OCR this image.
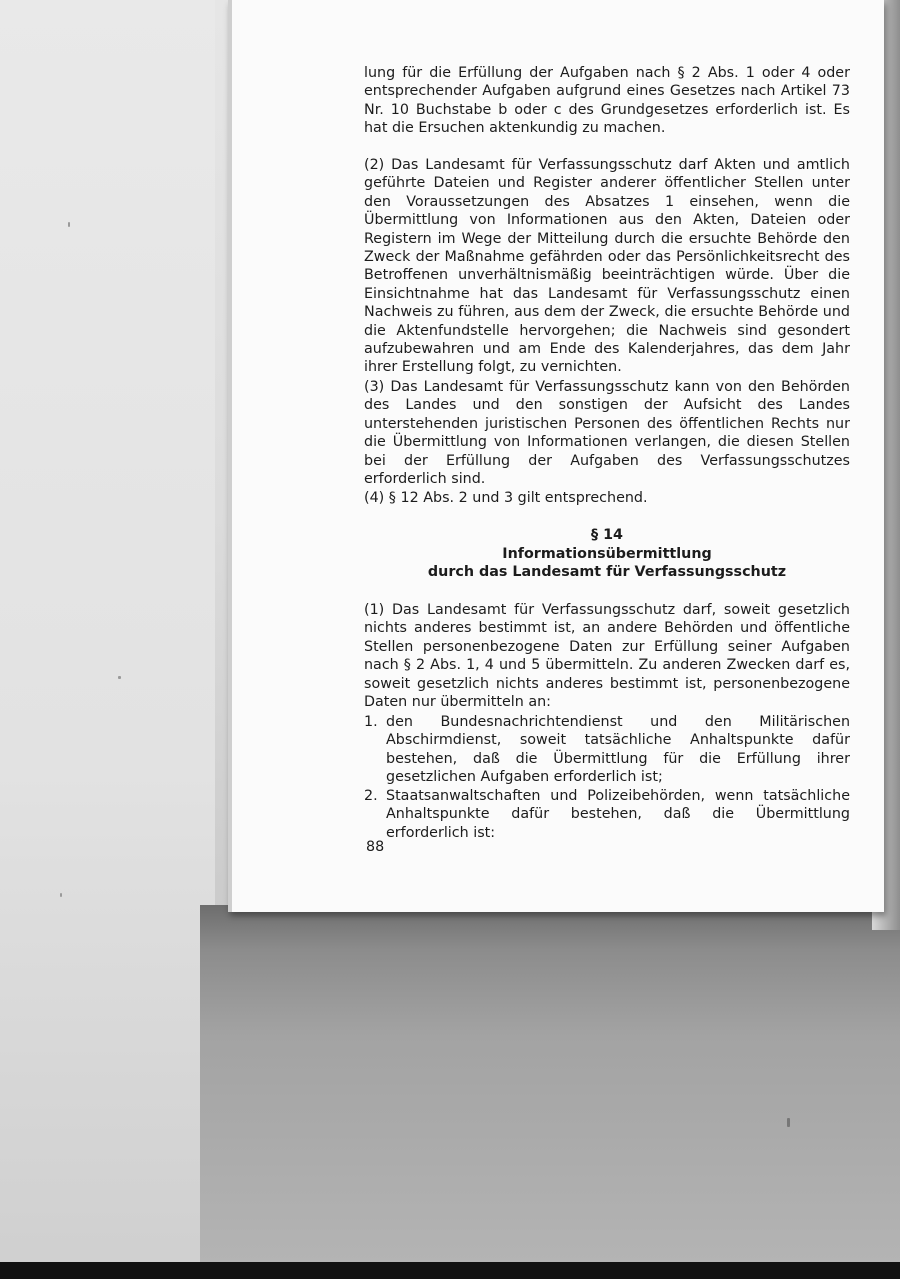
lung für die Erfüllung der Aufgaben nach § 2 Abs. 1 oder 4 oder entsprechender Aufgaben aufgrund eines Gesetzes nach Artikel 73 Nr. 10 Buchstabe b oder c des Grundgesetzes erforderlich ist. Es hat die Ersuchen aktenkundig zu machen.
(2) Das Landesamt für Verfassungsschutz darf Akten und amtlich geführte Dateien und Register anderer öffentlicher Stellen unter den Voraussetzungen des Absatzes 1 einsehen, wenn die Übermittlung von Informationen aus den Akten, Dateien oder Registern im Wege der Mitteilung durch die ersuchte Behörde den Zweck der Maßnahme gefährden oder das Persönlichkeitsrecht des Betroffenen unverhältnismäßig beeinträchtigen würde. Über die Einsichtnahme hat das Landesamt für Verfassungsschutz einen Nachweis zu führen, aus dem der Zweck, die ersuchte Behörde und die Aktenfundstelle hervorgehen; die Nachweis sind gesondert aufzubewahren und am Ende des Kalenderjahres, das dem Jahr ihrer Erstellung folgt, zu vernichten.
(3) Das Landesamt für Verfassungsschutz kann von den Behörden des Landes und den sonstigen der Aufsicht des Landes unterstehenden juristischen Personen des öffentlichen Rechts nur die Übermittlung von Informationen verlangen, die diesen Stellen bei der Erfüllung der Aufgaben des Verfassungsschutzes erforderlich sind.
(4) § 12 Abs. 2 und 3 gilt entsprechend.
§ 14
Informationsübermittlung
durch das Landesamt für Verfassungsschutz
(1) Das Landesamt für Verfassungsschutz darf, soweit gesetzlich nichts anderes bestimmt ist, an andere Behörden und öffentliche Stellen personenbezogene Daten zur Erfüllung seiner Aufgaben nach § 2 Abs. 1, 4 und 5 übermitteln. Zu anderen Zwecken darf es, soweit gesetzlich nichts anderes bestimmt ist, personenbezogene Daten nur übermitteln an:
1. den Bundesnachrichtendienst und den Militärischen Abschirmdienst, soweit tatsächliche Anhaltspunkte dafür bestehen, daß die Übermittlung für die Erfüllung ihrer gesetzlichen Aufgaben erforderlich ist;
2. Staatsanwaltschaften und Polizeibehörden, wenn tatsächliche Anhaltspunkte dafür bestehen, daß die Übermittlung erforderlich ist:
88
